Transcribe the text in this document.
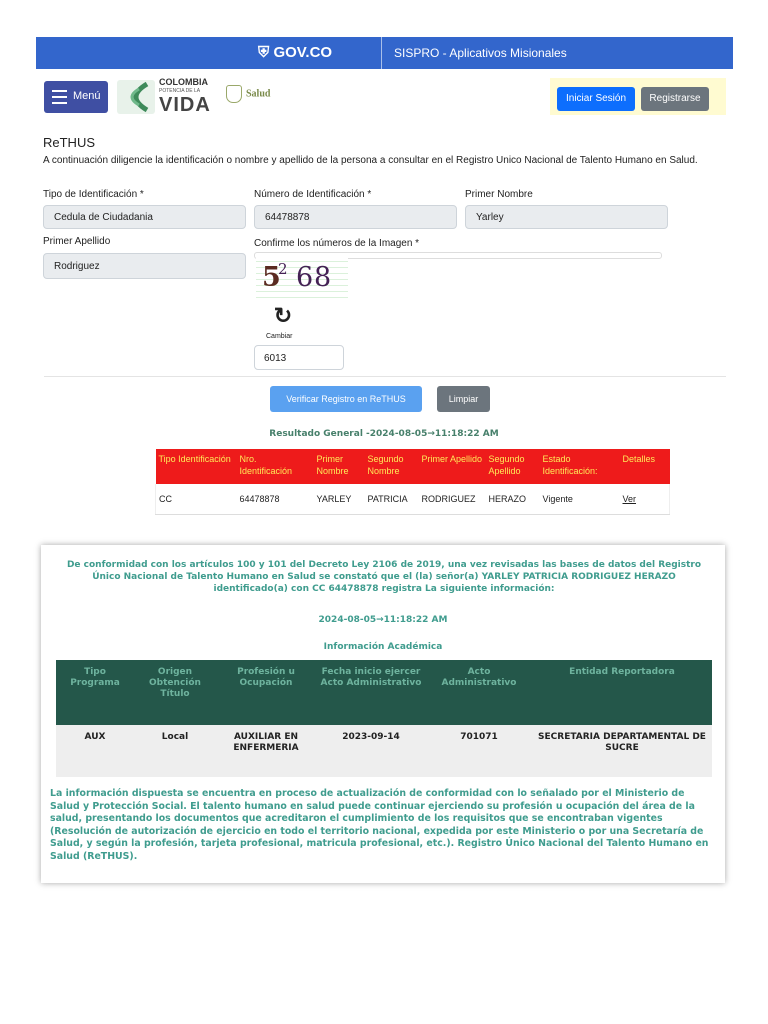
⛨ GOV.CO	SISPRO - Aplicativos Misionales
Menú
COLOMBIA
POTENCIA DE LA
VIDA
Salud	Iniciar Sesión	Registrarse
ReTHUS
A continuación diligencie la identificación o nombre y apellido de la persona a consultar en el Registro Unico Nacional de Talento Humano en Salud.
Tipo de Identificación *
Cedula de Ciudadania
Número de Identificación *
64478878
Primer Nombre
Yarley
Primer Apellido
Rodriguez
Confirme los números de la Imagen *
5
2 6 8
↻
Cambiar
6013
Verificar Registro en ReTHUS	Limpiar
Resultado General -2024-08-05→11:18:22 AM
Tipo Identificación	Nro. Identificación	Primer Nombre	Segundo Nombre	Primer Apellido	Segundo Apellido	Estado Identificación:	Detalles
CC	64478878	YARLEY	PATRICIA	RODRIGUEZ	HERAZO	Vigente	Ver
De conformidad con los artículos 100 y 101 del Decreto Ley 2106 de 2019, una vez revisadas las bases de datos del Registro Único Nacional de Talento Humano en Salud se constató que el (la) señor(a) YARLEY PATRICIA RODRIGUEZ HERAZO identificado(a) con CC 64478878 registra La siguiente información:
2024-08-05→11:18:22 AM
Información Académica
Tipo Programa	Origen Obtención Título	Profesión u Ocupación	Fecha inicio ejercer Acto Administrativo	Acto Administrativo	Entidad Reportadora
AUX	Local	AUXILIAR EN ENFERMERIA	2023-09-14	701071	SECRETARIA DEPARTAMENTAL DE SUCRE
La información dispuesta se encuentra en proceso de actualización de conformidad con lo señalado por el Ministerio de Salud y Protección Social. El talento humano en salud puede continuar ejerciendo su profesión u ocupación del área de la salud, presentando los documentos que acreditaron el cumplimiento de los requisitos que se encontraban vigentes (Resolución de autorización de ejercicio en todo el territorio nacional, expedida por este Ministerio o por una Secretaría de Salud, y según la profesión, tarjeta profesional, matricula profesional, etc.). Registro Único Nacional del Talento Humano en Salud (ReTHUS).
